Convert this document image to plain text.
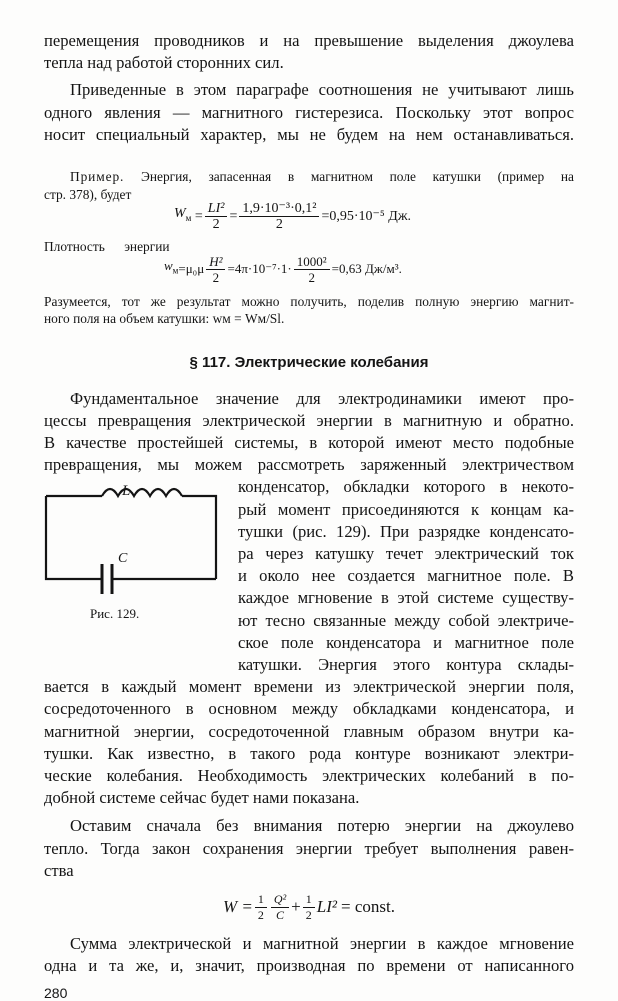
перемещения проводников и на превышение выделения джоулева
тепла над работой сторонних сил.
Приведенные в этом параграфе соотношения не учитывают лишь
одного явления — магнитного гистерезиса. Поскольку этот вопрос
носит специальный характер, мы не будем на нем останавливаться.
Пример. Энергия, запасенная в магнитном поле катушки (пример на
стр. 378), будет
$W_м = \frac{\text{LI²}}{2} = \frac{\text{1,9·10⁻³·0,1²}}{2} =0,95\cdot 10^{-5}$ Дж.
Плотность энергии
$w_м =\mu_0\mu \frac{\text{H²}}{2} =4\pi\cdot 10^{-7}\cdot 1\cdot \frac{\text{1000²}}{2} =0,63$ Дж/м³.
Разумеется, тот же результат можно получить, поделив полную энергию магнит-
ного поля на объем катушки: wм = Wм/Sl.
§ 117. Электрические колебания
Фундаментальное значение для электродинамики имеют про-
цессы превращения электрической энергии в магнитную и обратно.
В качестве простейшей системы, в которой имеют место подобные
превращения, мы можем рассмотреть заряженный электричеством
L
C
Рис. 129.
конденсатор, обкладки которого в некото-
рый момент присоединяются к концам ка-
тушки (рис. 129). При разрядке конденсато-
ра через катушку течет электрический ток
и около нее создается магнитное поле. В
каждое мгновение в этой системе существу-
ют тесно связанные между собой электриче-
ское поле конденсатора и магнитное поле
катушки. Энергия этого контура склады-
вается в каждый момент времени из электрической энергии поля,
сосредоточенного в основном между обкладками конденсатора, и
магнитной энергии, сосредоточенной главным образом внутри ка-
тушки. Как известно, в такого рода контуре возникают электри-
ческие колебания. Необходимость электрических колебаний в по-
добной системе сейчас будет нами показана.
Оставим сначала без внимания потерю энергии на джоулево
тепло. Тогда закон сохранения энергии требует выполнения равен-
ства
$W = \frac{1}{2} \frac{\text{Q²}}{C} + \frac{1}{2} LI^2$ = const.
Сумма электрической и магнитной энергии в каждое мгновение
одна и та же, и, значит, производная по времени от написанного
280
